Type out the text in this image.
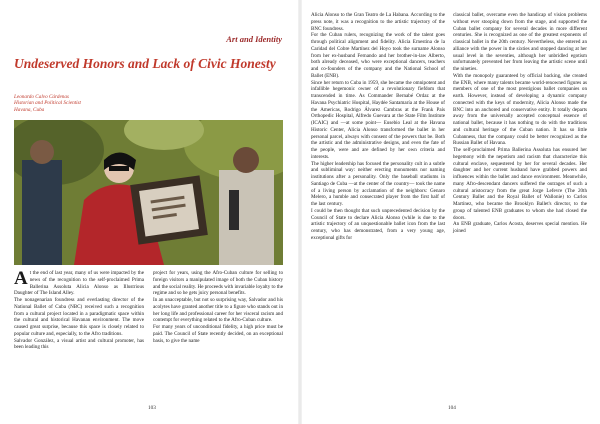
Art and Identity
Undeserved Honors and Lack of Civic Honesty
Leonardo Calvo Cárdenas
Historian and Political Scientist
Havana, Cuba

At the end of last year, many of us were impacted by the news of the recognition to the self-proclaimed Prima Ballerina Assoluta Alicia Alonso as Illustrious Daughter of The Island Alley.

The nonagenarian foundress and everlasting director of the National Ballet of Cuba (NBC) received such a recognition from a cultural project located in a paradigmatic space within the cultural and historical Havanan environment. The move caused great surprise, because this space is closely related to popular culture and, especially, to the Afro traditions.

Salvador González, a visual artist and cultural promoter, has been leading this

project for years, using the Afro-Cuban culture for selling to foreign visitors a manipulated image of both the Cuban history and the social reality. He proceeds with invariable loyalty to the regime and so he gets juicy personal benefits.

In an unacceptable, but not so surprising way, Salvador and his acolytes have granted another title to a figure who stands out in her long life and professional career for her visceral racism and contempt for everything related to the Afro-Cuban culture.

For many years of unconditional fidelity, a high price must be paid. The Council of State recently decided, on an exceptional basis, to give the name

103

Alicia Alonso to the Gran Teatro de La Habana. According to the press note, it was a recognition to the artistic trajectory of the BNC foundress.

For the Cuban rulers, recognizing the work of the talent goes through political alignment and fidelity. Alicia Ernestina de la Caridad del Cobre Martínez del Hoyo took the surname Alonso from her ex-husband Fernando and her brother-in-law Alberto, both already deceased, who were exceptional dancers, teachers and co-founders of the company and the National School of Ballet (ENB).

Since her return to Cuba in 1959, she became the omnipotent and infallible hegemonic owner of a revolutionary fiefdom that transcended in time. As Commander Bernabé Ordaz at the Havana Psychiatric Hospital, Haydée Santamaría at the House of the Americas, Rodrigo Álvarez Cambras at the Frank País Orthopedic Hospital, Alfredo Guevara at the State Film Institute (ICAIC) and —at some point— Eusebio Leal at the Havana Historic Center, Alicia Alonso transformed the ballet in her personal parcel, always with consent of the powers that be. Both the artistic and the administrative designs, and even the fate of the people, were and are defined by her own criteria and interests.

The higher leadership has focused the personality cult in a subtle and subliminal way: neither erecting monuments nor naming institutions after a personality. Only the baseball stadiums in Santiago de Cuba —at the center of the country— took the name of a living person by acclamation of the neighbors: Genaro Melero, a humble and consecrated player from the first half of the last century.

I could be then thought that such unprecedented decision by the Council of State to declare Alicia Alonso (while is due to the artistic trajectory of an unquestionable ballet icon from the last century, who has demonstrated, from a very young age, exceptional gifts for

classical ballet, overcame even the handicap of vision problems without ever stooping down from the stage, and supported the Cuban ballet company for several decades in more different centuries. She is recognized as one of the greatest exponents of classical ballet in the 20th century. Nevertheless, she entered an alliance with the power in the sixties and stopped dancing at her usual level in the seventies, although her unbridled egotism unfortunately prevented her from leaving the artistic scene until the nineties.

With the monopoly guaranteed by official backing, she created the ENB, where many talents became world-renowned figures as members of one of the most prestigious ballet companies on earth. However, instead of developing a dynamic company connected with the keys of modernity, Alicia Alonso made the BNC into an anchored and conservative entity. It totally departs away from the universally accepted conceptual essence of national ballet, because it has nothing to do with the traditions and cultural heritage of the Cuban nation. It has so little Cubanness, that the company could be better recognized as the Russian Ballet of Havana.

The self-proclaimed Prima Ballerina Assoluta has ensured her hegemony with the nepotism and racism that characterize this cultural enclave, sequestered by her for several decades. Her daughter and her current husband have grabbed powers and influences within the ballet and dance environment. Meanwhile, many Afro-descendant dancers suffered the outrages of such a cultural aristocracy from the great Jorge Lefevre (The 20th Century Ballet and the Royal Ballet of Wallonie) to Carlos Martínez, who became the Brooklyn Ballet's director, to the group of talented ENB graduates to whom she had closed the doors.

An ENB graduate, Carlos Acosta, deserves special mention. He joined

104
